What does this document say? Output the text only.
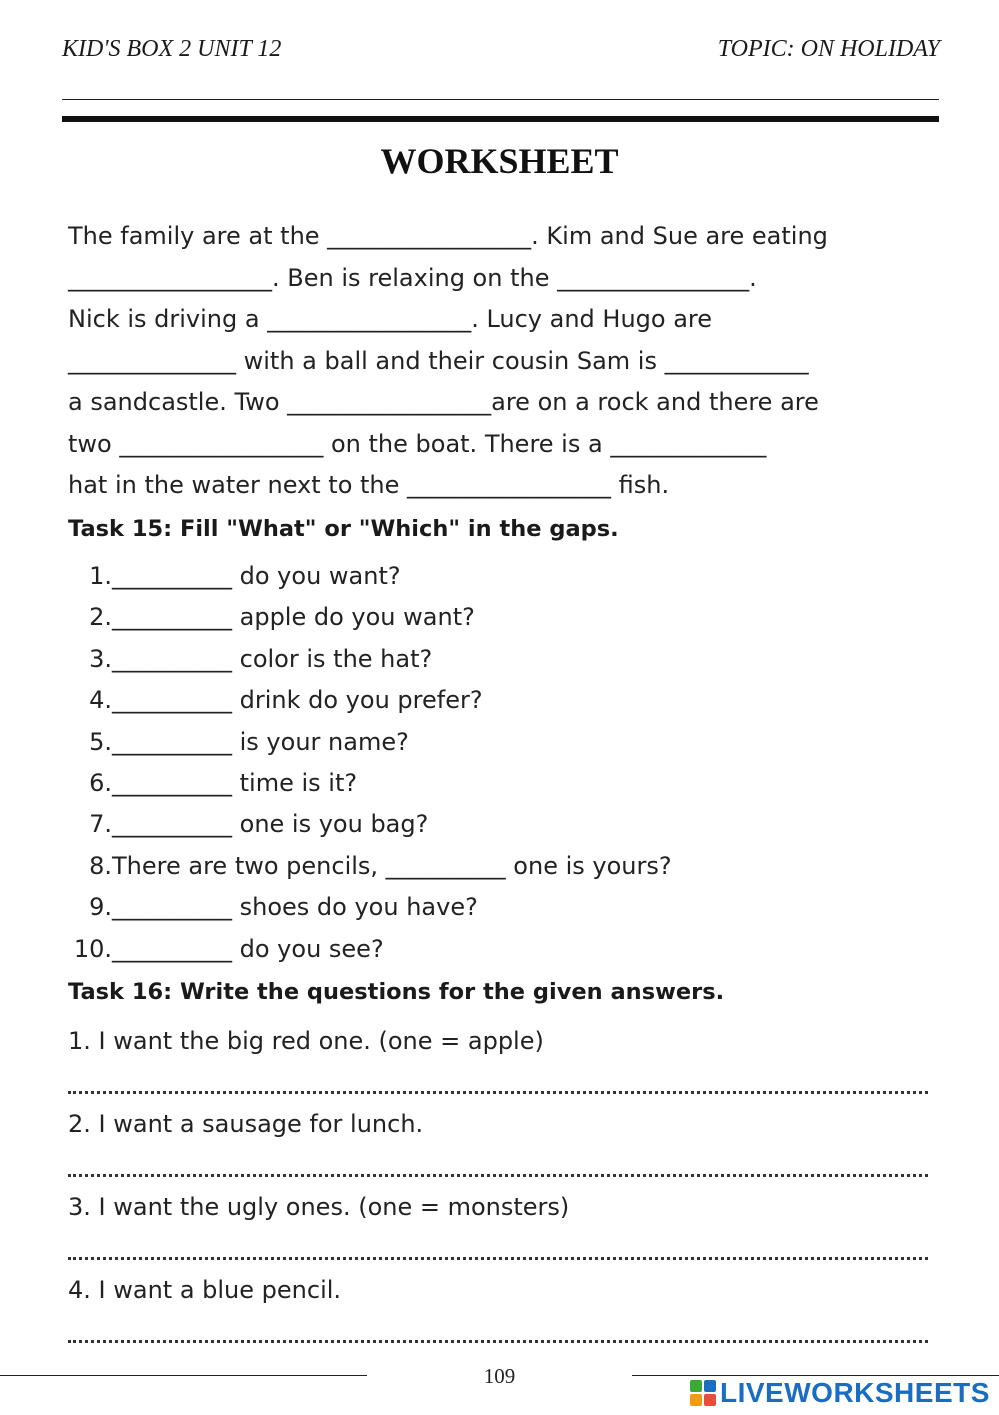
KID'S BOX 2 UNIT 12	TOPIC: ON HOLIDAY
WORKSHEET
The family are at the _________________. Kim and Sue are eating
_________________. Ben is relaxing on the ________________.
Nick is driving a _________________. Lucy and Hugo are
______________ with a ball and their cousin Sam is ____________
a sandcastle. Two _________________are on a rock and there are
two _________________ on the boat. There is a _____________
hat in the water next to the _________________ fish.
Task 15: Fill "What" or "Which" in the gaps.
1.__________ do you want?
2.__________ apple do you want?
3.__________ color is the hat?
4.__________ drink do you prefer?
5.__________ is your name?
6.__________ time is it?
7.__________ one is you bag?
8.There are two pencils, __________ one is yours?
9.__________ shoes do you have?
10.__________ do you see?
Task 16: Write the questions for the given answers.
1. I want the big red one. (one = apple)
2. I want a sausage for lunch.
3. I want the ugly ones. (one = monsters)
4. I want a blue pencil.
109
LIVEWORKSHEETS
